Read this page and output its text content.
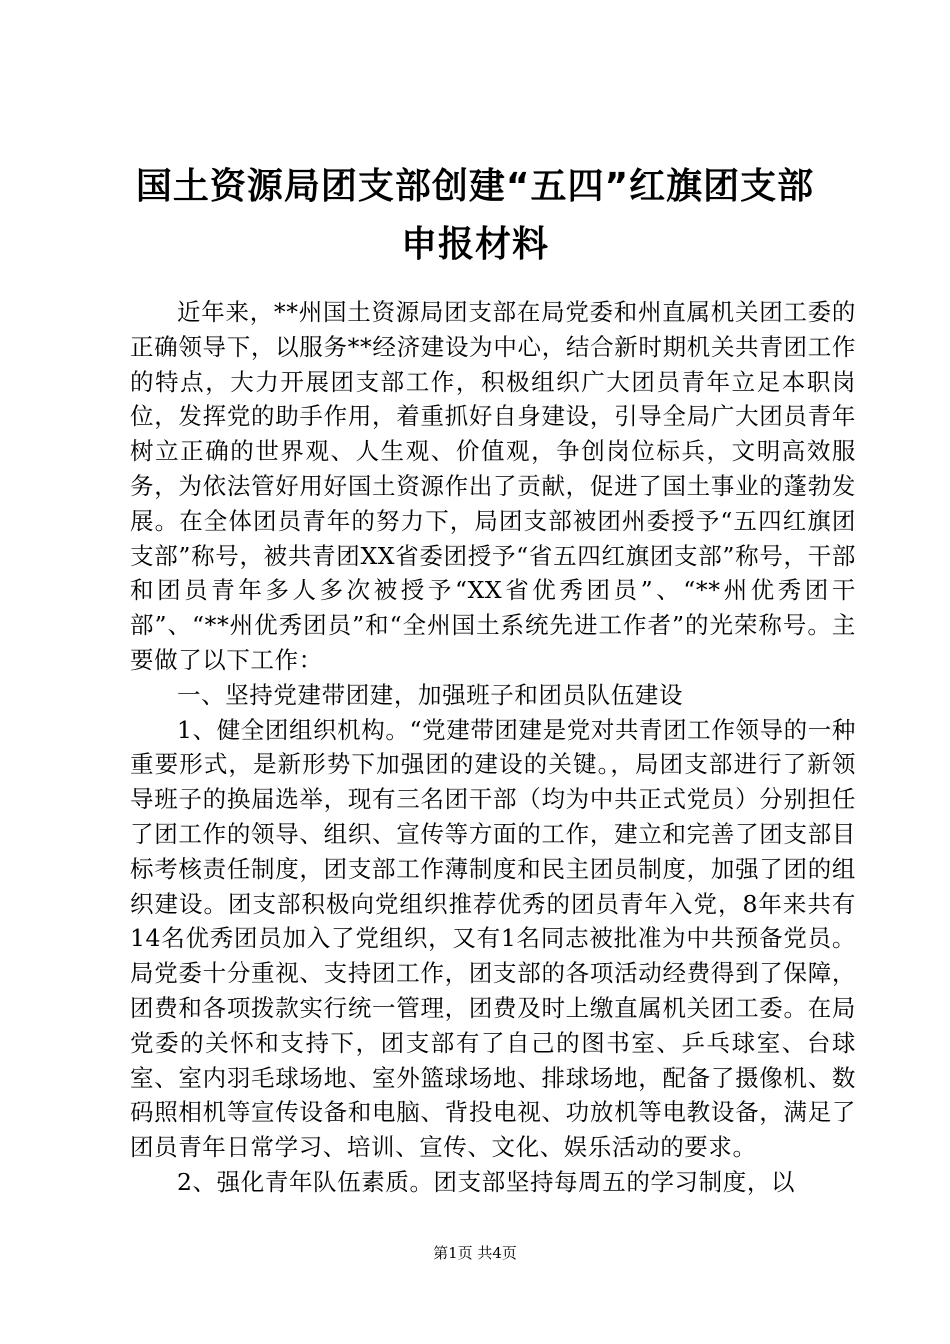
国土资源局团支部创建“五四”红旗团支部申报材料

近年来，**州国土资源局团支部在局党委和州直属机关团工委的正确领导下，以服务**经济建设为中心，结合新时期机关共青团工作的特点，大力开展团支部工作，积极组织广大团员青年立足本职岗位，发挥党的助手作用，着重抓好自身建设，引导全局广大团员青年树立正确的世界观、人生观、价值观，争创岗位标兵，文明高效服务，为依法管好用好国土资源作出了贡献，促进了国土事业的蓬勃发展。在全体团员青年的努力下，局团支部被团州委授予“五四红旗团支部”称号，被共青团XX省委团授予“省五四红旗团支部”称号，干部和团员青年多人多次被授予“XX省优秀团员”、“**州优秀团干部”、“**州优秀团员”和“全州国土系统先进工作者”的光荣称号。主要做了以下工作：

一、坚持党建带团建，加强班子和团员队伍建设

1、健全团组织机构。“党建带团建是党对共青团工作领导的一种重要形式，是新形势下加强团的建设的关键。，局团支部进行了新领导班子的换届选举，现有三名团干部（均为中共正式党员）分别担任了团工作的领导、组织、宣传等方面的工作，建立和完善了团支部目标考核责任制度，团支部工作薄制度和民主团员制度，加强了团的组织建设。团支部积极向党组织推荐优秀的团员青年入党，8年来共有14名优秀团员加入了党组织，又有1名同志被批准为中共预备党员。局党委十分重视、支持团工作，团支部的各项活动经费得到了保障，团费和各项拨款实行统一管理，团费及时上缴直属机关团工委。在局党委的关怀和支持下，团支部有了自己的图书室、乒乓球室、台球室、室内羽毛球场地、室外篮球场地、排球场地，配备了摄像机、数码照相机等宣传设备和电脑、背投电视、功放机等电教设备，满足了团员青年日常学习、培训、宣传、文化、娱乐活动的要求。

2、强化青年队伍素质。团支部坚持每周五的学习制度，以

第1页 共4页
